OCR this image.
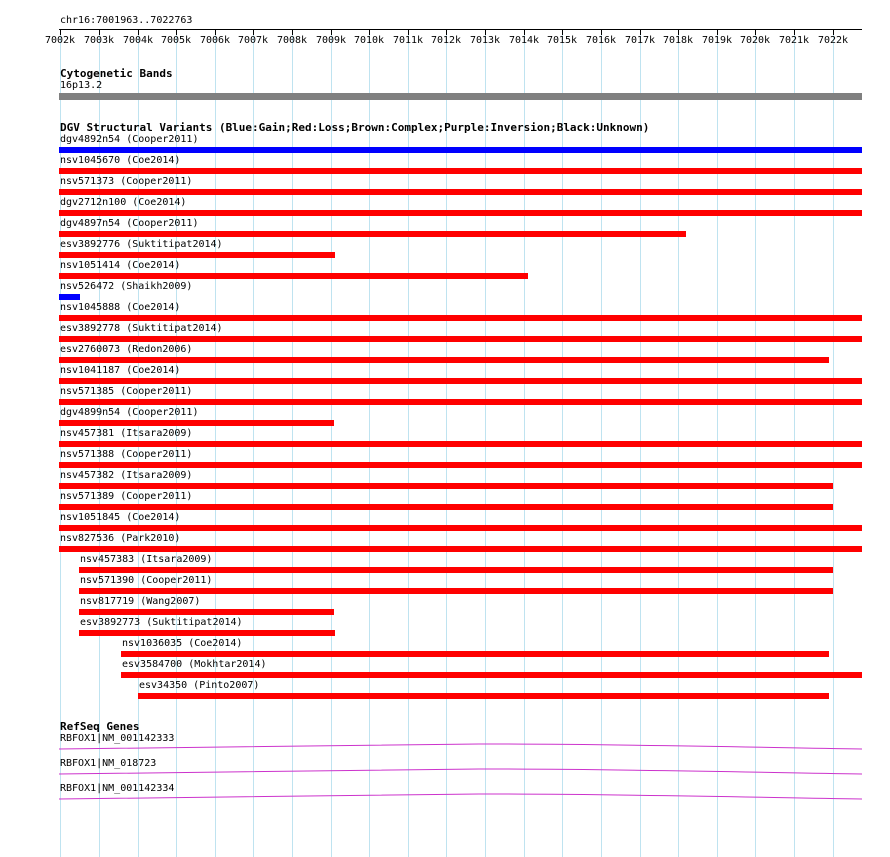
chr16:7001963..7022763
7002k 7003k 7004k 7005k 7006k 7007k 7008k 7009k 7010k 7011k 7012k 7013k 7014k 7015k 7016k 7017k 7018k 7019k 7020k 7021k 7022k
Cytogenetic Bands
16p13.2
DGV Structural Variants (Blue:Gain;Red:Loss;Brown:Complex;Purple:Inversion;Black:Unknown)
dgv4892n54 (Cooper2011)
nsv1045670 (Coe2014)
nsv571373 (Cooper2011)
dgv2712n100 (Coe2014)
dgv4897n54 (Cooper2011)
esv3892776 (Suktitipat2014)
nsv1051414 (Coe2014)
nsv526472 (Shaikh2009)
nsv1045888 (Coe2014)
esv3892778 (Suktitipat2014)
esv2760073 (Redon2006)
nsv1041187 (Coe2014)
nsv571385 (Cooper2011)
dgv4899n54 (Cooper2011)
nsv457381 (Itsara2009)
nsv571388 (Cooper2011)
nsv457382 (Itsara2009)
nsv571389 (Cooper2011)
nsv1051845 (Coe2014)
nsv827536 (Park2010)
nsv457383 (Itsara2009)
nsv571390 (Cooper2011)
nsv817719 (Wang2007)
esv3892773 (Suktitipat2014)
nsv1036035 (Coe2014)
esv3584700 (Mokhtar2014)
esv34350 (Pinto2007)
RefSeq Genes
RBFOX1|NM_001142333
RBFOX1|NM_018723
RBFOX1|NM_001142334
